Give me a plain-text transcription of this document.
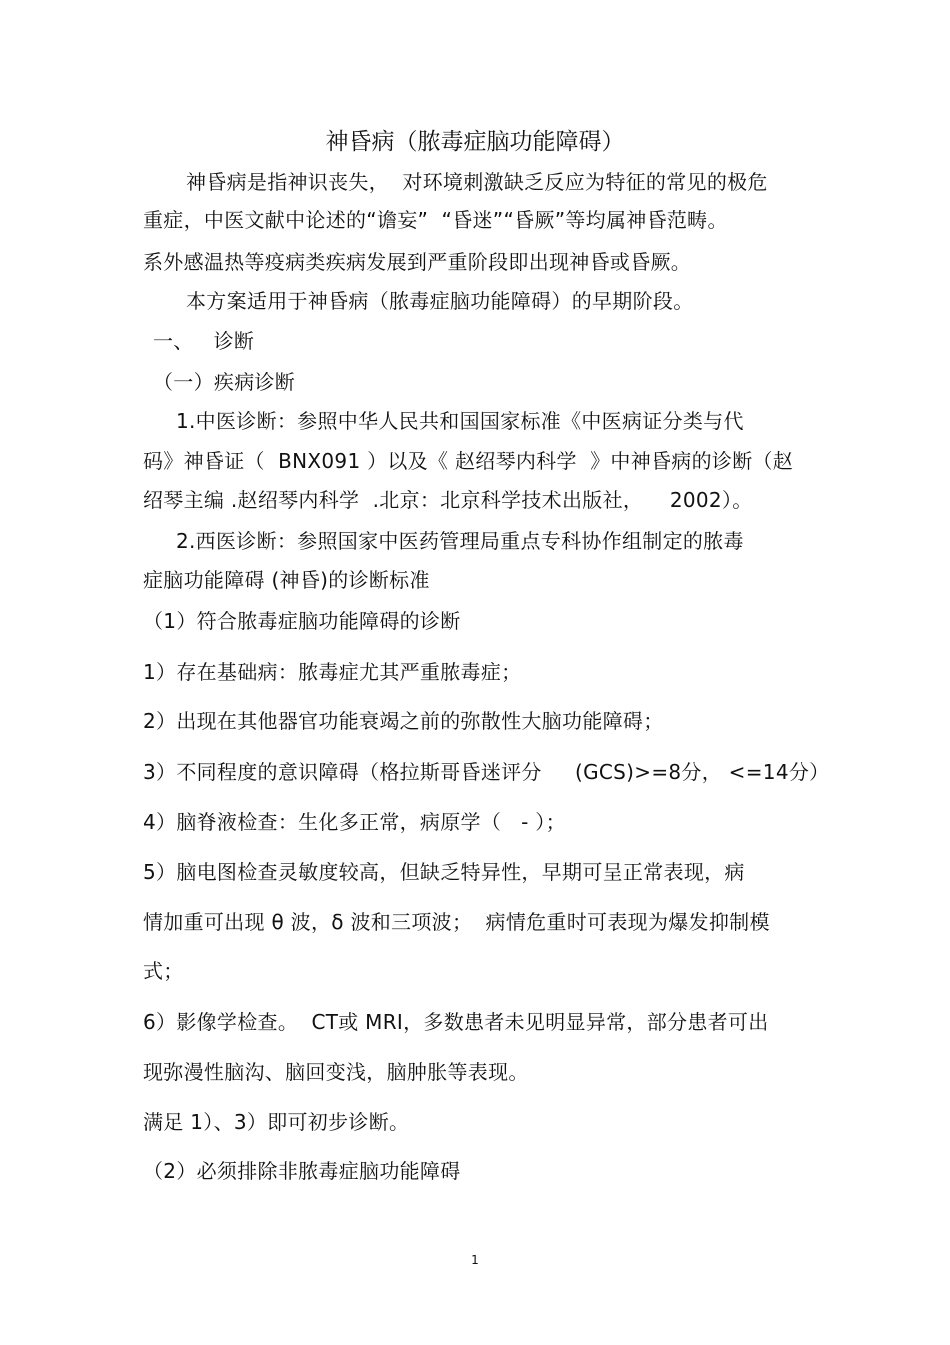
神昏病（脓毒症脑功能障碍）
神昏病是指神识丧失，  对环境刺激缺乏反应为特征的常见的极危
重症，中医文献中论述的“谵妄”  “昏迷”“昏厥”等均属神昏范畴。
系外感温热等疫病类疾病发展到严重阶段即出现神昏或昏厥。
本方案适用于神昏病（脓毒症脑功能障碍）的早期阶段。
一、   诊断
（一）疾病诊断
1.中医诊断：参照中华人民共和国国家标准《中医病证分类与代
码》神昏证（  BNX091 ）以及《 赵绍琴内科学  》中神昏病的诊断（赵
绍琴主编 .赵绍琴内科学  .北京：北京科学技术出版社，    2002）。
2.西医诊断：参照国家中医药管理局重点专科协作组制定的脓毒
症脑功能障碍 (神昏)的诊断标准
（1）符合脓毒症脑功能障碍的诊断
1）存在基础病：脓毒症尤其严重脓毒症；
2）出现在其他器官功能衰竭之前的弥散性大脑功能障碍；
3）不同程度的意识障碍（格拉斯哥昏迷评分     (GCS)>=8分， <=14分）
4）脑脊液检查：生化多正常，病原学（   - ）；
5）脑电图检查灵敏度较高，但缺乏特异性，早期可呈正常表现，病
情加重可出现 θ 波，δ 波和三项波；  病情危重时可表现为爆发抑制模
式；
6）影像学检查。  CT或 MRI，多数患者未见明显异常，部分患者可出
现弥漫性脑沟、脑回变浅，脑肿胀等表现。
满足 1）、3）即可初步诊断。
（2）必须排除非脓毒症脑功能障碍
1
